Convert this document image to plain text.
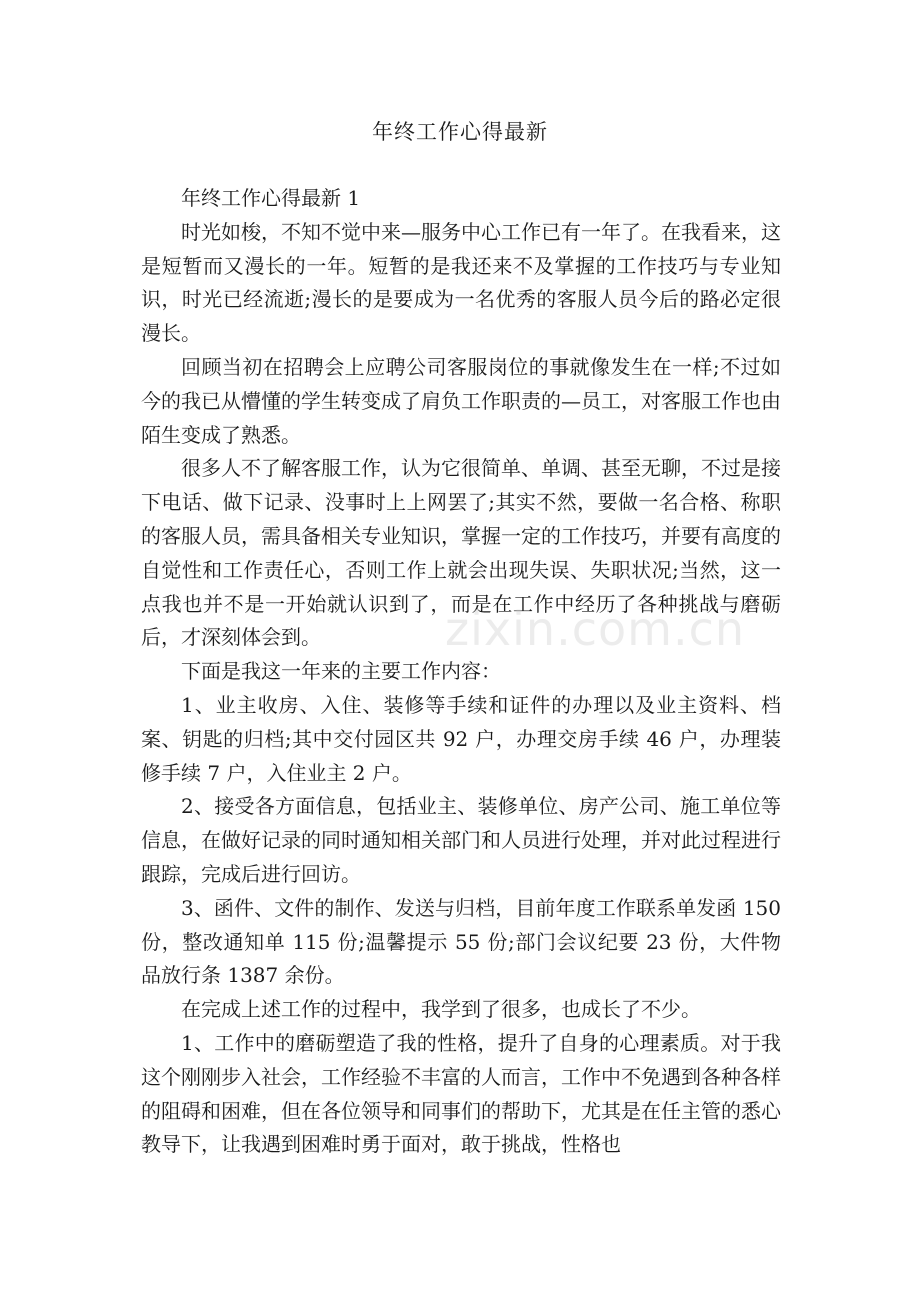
年终工作心得最新

年终工作心得最新 1

时光如梭，不知不觉中来—服务中心工作已有一年了。在我看来，这是短暂而又漫长的一年。短暂的是我还来不及掌握的工作技巧与专业知识，时光已经流逝;漫长的是要成为一名优秀的客服人员今后的路必定很漫长。

回顾当初在招聘会上应聘公司客服岗位的事就像发生在一样;不过如今的我已从懵懂的学生转变成了肩负工作职责的—员工，对客服工作也由陌生变成了熟悉。

很多人不了解客服工作，认为它很简单、单调、甚至无聊，不过是接下电话、做下记录、没事时上上网罢了;其实不然，要做一名合格、称职的客服人员，需具备相关专业知识，掌握一定的工作技巧，并要有高度的自觉性和工作责任心，否则工作上就会出现失误、失职状况;当然，这一点我也并不是一开始就认识到了，而是在工作中经历了各种挑战与磨砺后，才深刻体会到。

下面是我这一年来的主要工作内容：

1、业主收房、入住、装修等手续和证件的办理以及业主资料、档案、钥匙的归档;其中交付园区共 92 户，办理交房手续 46 户，办理装修手续 7 户，入住业主 2 户。

2、接受各方面信息，包括业主、装修单位、房产公司、施工单位等信息，在做好记录的同时通知相关部门和人员进行处理，并对此过程进行跟踪，完成后进行回访。

3、函件、文件的制作、发送与归档，目前年度工作联系单发函 150 份，整改通知单 115 份;温馨提示 55 份;部门会议纪要 23 份，大件物品放行条 1387 余份。

在完成上述工作的过程中，我学到了很多，也成长了不少。

1、工作中的磨砺塑造了我的性格，提升了自身的心理素质。对于我这个刚刚步入社会，工作经验不丰富的人而言，工作中不免遇到各种各样的阻碍和困难，但在各位领导和同事们的帮助下，尤其是在任主管的悉心教导下，让我遇到困难时勇于面对，敢于挑战，性格也

zixin.com.cn
